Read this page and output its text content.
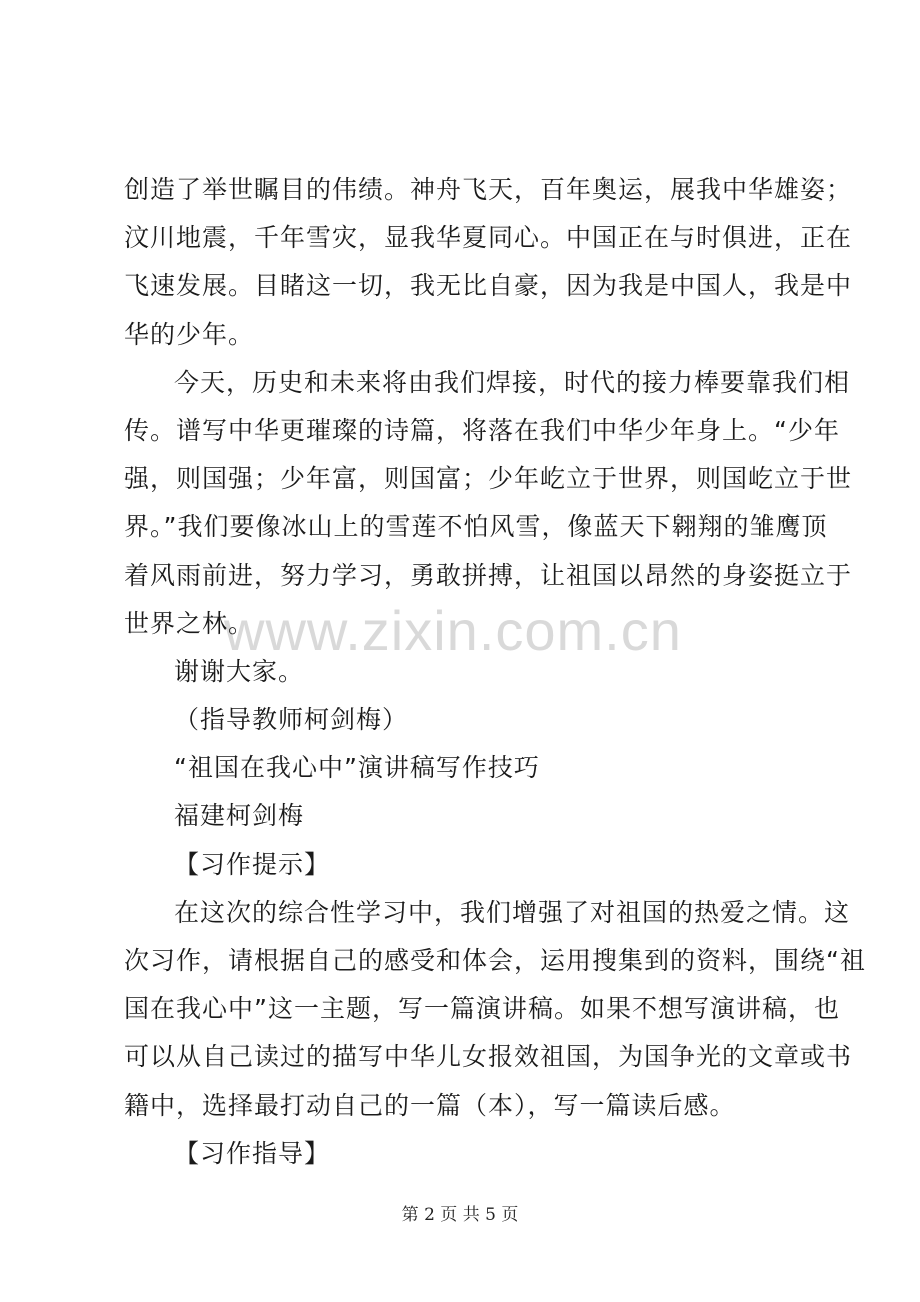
www.zixin.com.cn
创造了举世瞩目的伟绩。神舟飞天，百年奥运，展我中华雄姿；
汶川地震，千年雪灾，显我华夏同心。中国正在与时俱进，正在
飞速发展。目睹这一切，我无比自豪，因为我是中国人，我是中
华的少年。
今天，历史和未来将由我们焊接，时代的接力棒要靠我们相
传。谱写中华更璀璨的诗篇，将落在我们中华少年身上。“少年
强，则国强；少年富，则国富；少年屹立于世界，则国屹立于世
界。”我们要像冰山上的雪莲不怕风雪，像蓝天下翱翔的雏鹰顶
着风雨前进，努力学习，勇敢拼搏，让祖国以昂然的身姿挺立于
世界之林。
谢谢大家。
（指导教师柯剑梅）
“祖国在我心中”演讲稿写作技巧
福建柯剑梅
【习作提示】
在这次的综合性学习中，我们增强了对祖国的热爱之情。这
次习作，请根据自己的感受和体会，运用搜集到的资料，围绕“祖
国在我心中”这一主题，写一篇演讲稿。如果不想写演讲稿，也
可以从自己读过的描写中华儿女报效祖国，为国争光的文章或书
籍中，选择最打动自己的一篇（本），写一篇读后感。
【习作指导】
第 2 页 共 5 页
